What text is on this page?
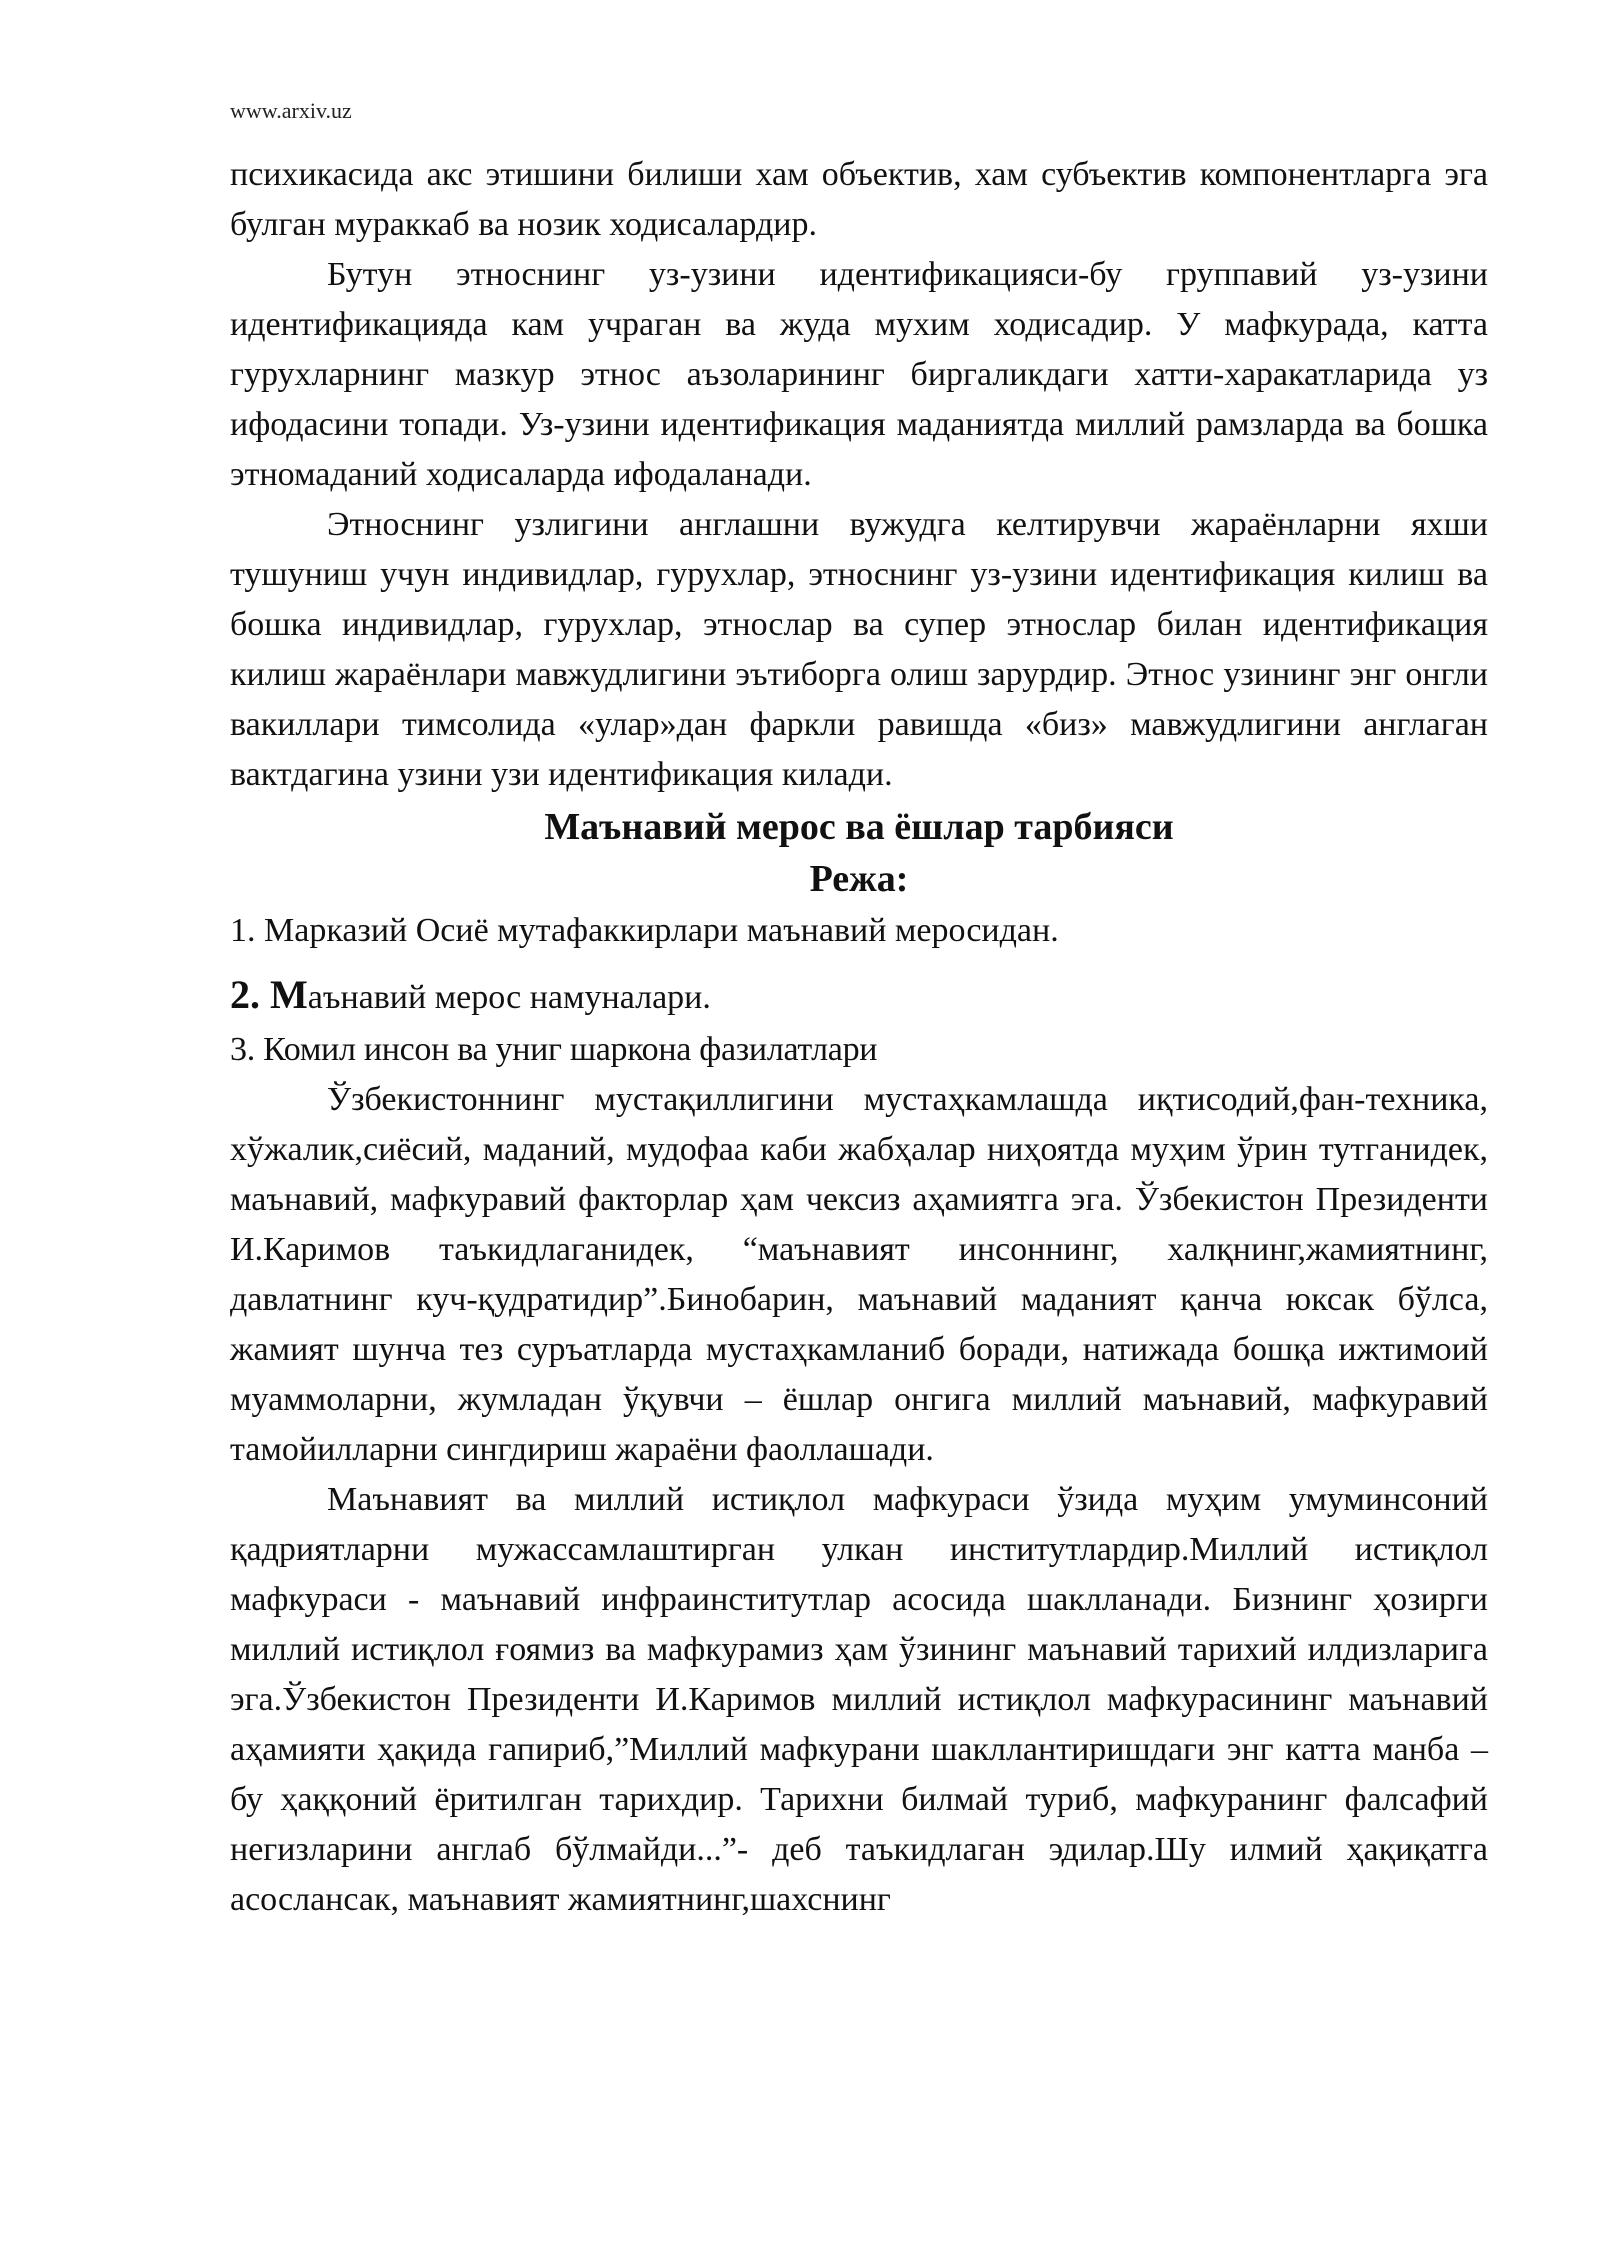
www.arxiv.uz

психикасида акс этишини билиши хам объектив, хам субъектив компонентларга эга булган мураккаб ва нозик ходисалардир.

Бутун этноснинг уз-узини идентификацияси-бу группавий уз-узини идентификацияда кам учраган ва жуда мухим ходисадир. У мафкурада, катта гурухларнинг мазкур этнос аъзоларининг биргаликдаги хатти-харакатларида уз ифодасини топади. Уз-узини идентификация маданиятда миллий рамзларда ва бошка этномаданий ходисаларда ифодаланади.

Этноснинг узлигини англашни вужудга келтирувчи жараёнларни яхши тушуниш учун индивидлар, гурухлар, этноснинг уз-узини идентификация килиш ва бошка индивидлар, гурухлар, этнослар ва супер этнослар билан идентификация килиш жараёнлари мавжудлигини эътиборга олиш зарурдир. Этнос узининг энг онгли вакиллари тимсолида «улар»дан фаркли равишда «биз» мавжудлигини англаган вактдагина узини узи идентификация килади.

Маънавий мерос ва ёшлар тарбияси
Режа:

1. Марказий Осиё мутафаккирлари маънавий меросидан.

2. Маънавий мерос намуналари.

3. Комил инсон ва униг шаркона фазилатлари

Ўзбекистоннинг мустақиллигини мустаҳкамлашда иқтисодий,фан-техника, хўжалик,сиёсий, маданий, мудофаа каби жабҳалар ниҳоятда муҳим ўрин тутганидек, маънавий, мафкуравий факторлар ҳам чексиз аҳамиятга эга. Ўзбекистон Президенти И.Каримов таъкидлаганидек, “маънавият инсоннинг, халқнинг,жамиятнинг, давлатнинг куч-қудратидир”.Бинобарин, маънавий маданият қанча юксак бўлса, жамият шунча тез суръатларда мустаҳкамланиб боради, натижада бошқа ижтимоий муаммоларни, жумладан ўқувчи – ёшлар онгига миллий маънавий, мафкуравий тамойилларни сингдириш жараёни фаоллашади.

Маънавият ва миллий истиқлол мафкураси ўзида муҳим умуминсоний қадриятларни мужассамлаштирган улкан институтлардир.Миллий истиқлол мафкураси - маънавий инфраинститутлар асосида шаклланади. Бизнинг ҳозирги миллий истиқлол ғоямиз ва мафкурамиз ҳам ўзининг маънавий тарихий илдизларига эга.Ўзбекистон Президенти И.Каримов миллий истиқлол мафкурасининг маънавий аҳамияти ҳақида гапириб,”Миллий мафкурани шакллантиришдаги энг катта манба – бу ҳаққоний ёритилган тарихдир. Тарихни билмай туриб, мафкуранинг фалсафий негизларини англаб бўлмайди...”- деб таъкидлаган эдилар.Шу илмий ҳақиқатга асослансак, маънавият жамиятнинг,шахснинг
